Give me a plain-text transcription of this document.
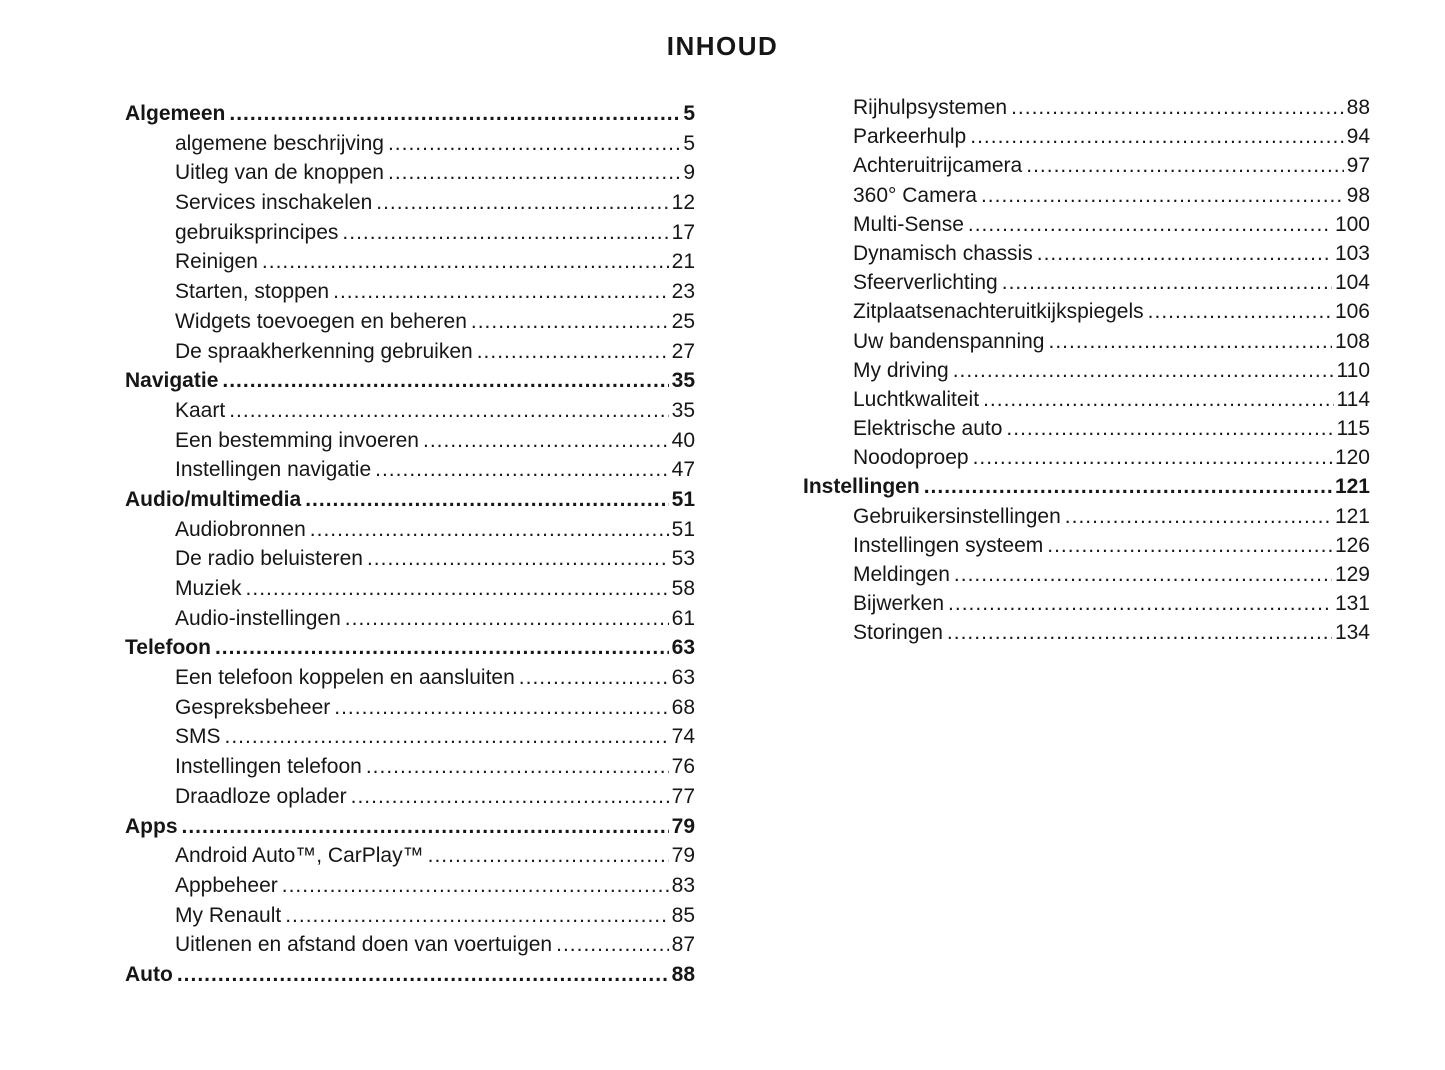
INHOUD
Algemeen .....	5
algemene beschrijving .....	5
Uitleg van de knoppen .....	9
Services inschakelen .....	12
gebruiksprincipes .....	17
Reinigen .....	21
Starten, stoppen .....	23
Widgets toevoegen en beheren .....	25
De spraakherkenning gebruiken .....	27
Navigatie .....	35
Kaart .....	35
Een bestemming invoeren .....	40
Instellingen navigatie .....	47
Audio/multimedia .....	51
Audiobronnen .....	51
De radio beluisteren .....	53
Muziek .....	58
Audio-instellingen .....	61
Telefoon .....	63
Een telefoon koppelen en aansluiten .....	63
Gespreksbeheer .....	68
SMS .....	74
Instellingen telefoon .....	76
Draadloze oplader .....	77
Apps .....	79
Android Auto™, CarPlay™ .....	79
Appbeheer .....	83
My Renault .....	85
Uitlenen en afstand doen van voertuigen .....	87
Auto .....	88
Rijhulpsystemen .....	88
Parkeerhulp .....	94
Achteruitrijcamera .....	97
360° Camera .....	98
Multi-Sense .....	100
Dynamisch chassis .....	103
Sfeerverlichting .....	104
Zitplaatsenachteruitkijkspiegels .....	106
Uw bandenspanning .....	108
My driving .....	110
Luchtkwaliteit .....	114
Elektrische auto .....	115
Noodoproep .....	120
Instellingen .....	121
Gebruikersinstellingen .....	121
Instellingen systeem .....	126
Meldingen .....	129
Bijwerken .....	131
Storingen .....	134
